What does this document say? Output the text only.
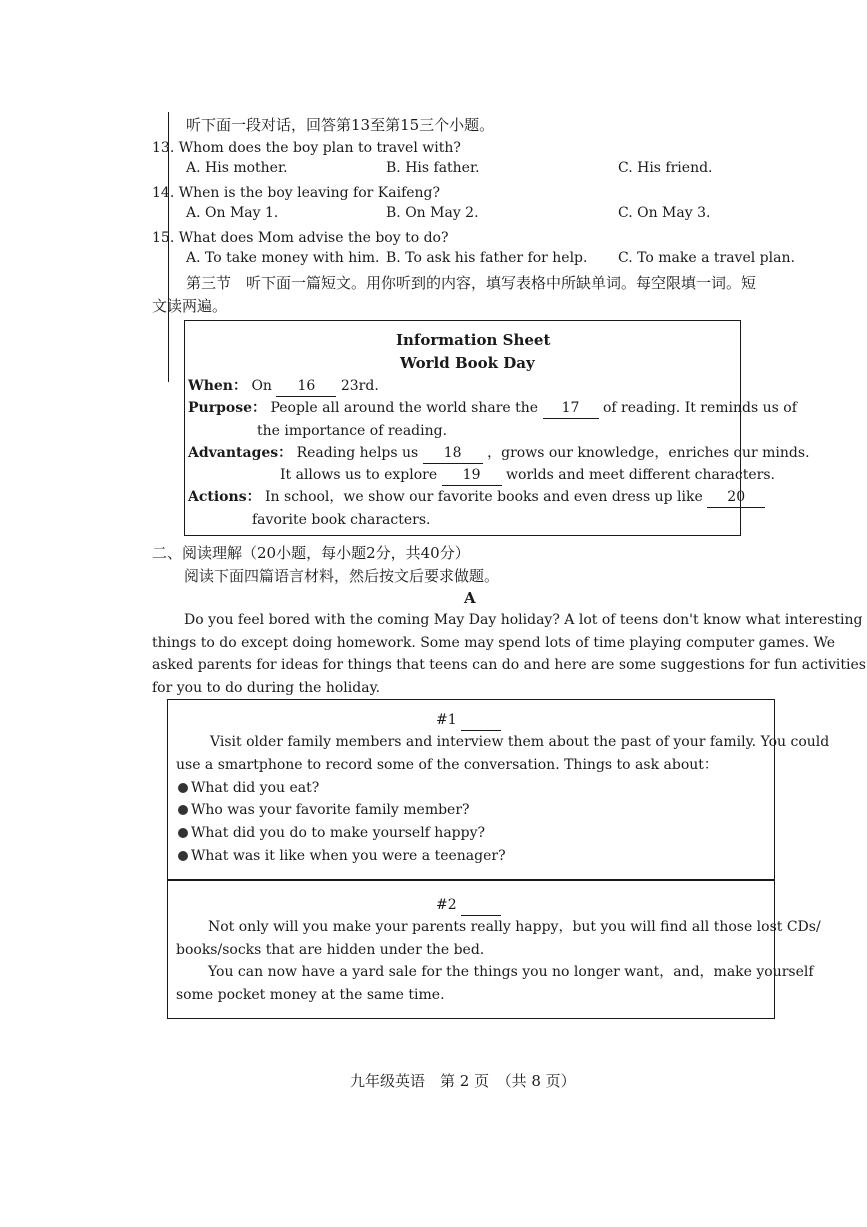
听下面一段对话，回答第13至第15三个小题。
13. Whom does the boy plan to travel with?
A. His mother.	B. His father.	C. His friend.
14. When is the boy leaving for Kaifeng?
A. On May 1.	B. On May 2.	C. On May 3.
15. What does Mom advise the boy to do?
A. To take money with him. B. To ask his father for help. C. To make a travel plan.
第三节　听下面一篇短文。用你听到的内容，填写表格中所缺单词。每空限填一词。短
文读两遍。
Information Sheet
World Book Day
When： On 16 23rd.
Purpose： People all around the world share the 17 of reading. It reminds us of
the importance of reading.
Advantages： Reading helps us 18 ，grows our knowledge，enriches our minds.
It allows us to explore 19 worlds and meet different characters.
Actions： In school，we show our favorite books and even dress up like 20
favorite book characters.
二、阅读理解（20小题，每小题2分，共40分）
阅读下面四篇语言材料，然后按文后要求做题。
A
Do you feel bored with the coming May Day holiday? A lot of teens don't know what interesting
things to do except doing homework. Some may spend lots of time playing computer games. We
asked parents for ideas for things that teens can do and here are some suggestions for fun activities
for you to do during the holiday.
#1
Visit older family members and interview them about the past of your family. You could
use a smartphone to record some of the conversation. Things to ask about：
What did you eat?
Who was your favorite family member?
What did you do to make yourself happy?
What was it like when you were a teenager?
#2
Not only will you make your parents really happy，but you will find all those lost CDs/
books/socks that are hidden under the bed.
You can now have a yard sale for the things you no longer want，and，make yourself
some pocket money at the same time.
九年级英语　第 2 页　（共 8 页）
